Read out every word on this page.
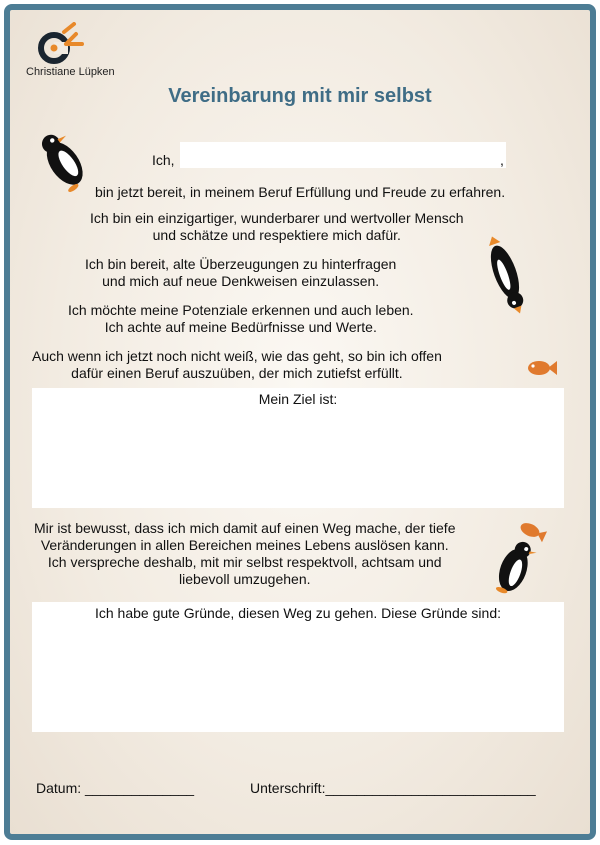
Christiane Lüpken
Vereinbarung mit mir selbst
Ich,	,
bin jetzt bereit, in meinem Beruf Erfüllung und Freude zu erfahren.
Ich bin ein einzigartiger, wunderbarer und wertvoller Mensch
und schätze und respektiere mich dafür.
Ich bin bereit, alte Überzeugungen zu hinterfragen
und mich auf neue Denkweisen einzulassen.
Ich möchte meine Potenziale erkennen und auch leben.
Ich achte auf meine Bedürfnisse und Werte.
Auch wenn ich jetzt noch nicht weiß, wie das geht, so bin ich offen
dafür einen Beruf auszuüben, der mich zutiefst erfüllt.
Mein Ziel ist:
Mir ist bewusst, dass ich mich damit auf einen Weg mache, der tiefe
Veränderungen in allen Bereichen meines Lebens auslösen kann.
Ich verspreche deshalb, mit mir selbst respektvoll, achtsam und
liebevoll umzugehen.
Ich habe gute Gründe, diesen Weg zu gehen. Diese Gründe sind:
Datum: ______________	Unterschrift:___________________________
